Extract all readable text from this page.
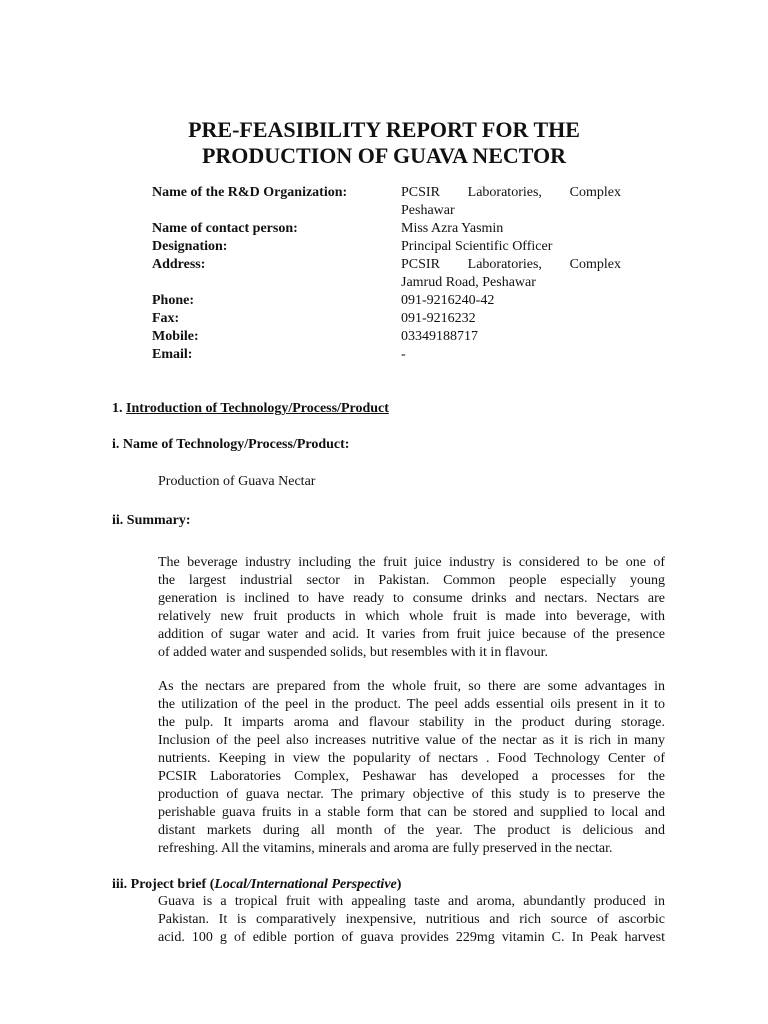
PRE-FEASIBILITY REPORT FOR THE
PRODUCTION OF GUAVA NECTOR
Name of the R&D Organization:	PCSIR Laboratories, Complex
Peshawar
Name of contact person:	Miss Azra Yasmin
Designation:	Principal Scientific Officer
Address:	PCSIR Laboratories, Complex
Jamrud Road, Peshawar
Phone:	091-9216240-42
Fax:	091-9216232
Mobile:	03349188717
Email:	-
1. Introduction of Technology/Process/Product
i. Name of Technology/Process/Product:
Production of Guava Nectar
ii. Summary:
The beverage industry including the fruit juice industry is considered to be one of
the largest industrial sector in Pakistan. Common people especially young
generation is inclined to have ready to consume drinks and nectars. Nectars are
relatively new fruit products in which whole fruit is made into beverage, with
addition of sugar water and acid. It varies from fruit juice because of the presence
of added water and suspended solids, but resembles with it in flavour.
As the nectars are prepared from the whole fruit, so there are some advantages in
the utilization of the peel in the product. The peel adds essential oils present in it to
the pulp. It imparts aroma and flavour stability in the product during storage.
Inclusion of the peel also increases nutritive value of the nectar as it is rich in many
nutrients. Keeping in view the popularity of nectars . Food Technology Center of
PCSIR Laboratories Complex, Peshawar has developed a processes for the
production of guava nectar. The primary objective of this study is to preserve the
perishable guava fruits in a stable form that can be stored and supplied to local and
distant markets during all month of the year. The product is delicious and
refreshing. All the vitamins, minerals and aroma are fully preserved in the nectar.
iii. Project brief (Local/International Perspective)
Guava is a tropical fruit with appealing taste and aroma, abundantly produced in
Pakistan. It is comparatively inexpensive, nutritious and rich source of ascorbic
acid. 100 g of edible portion of guava provides 229mg vitamin C. In Peak harvest
